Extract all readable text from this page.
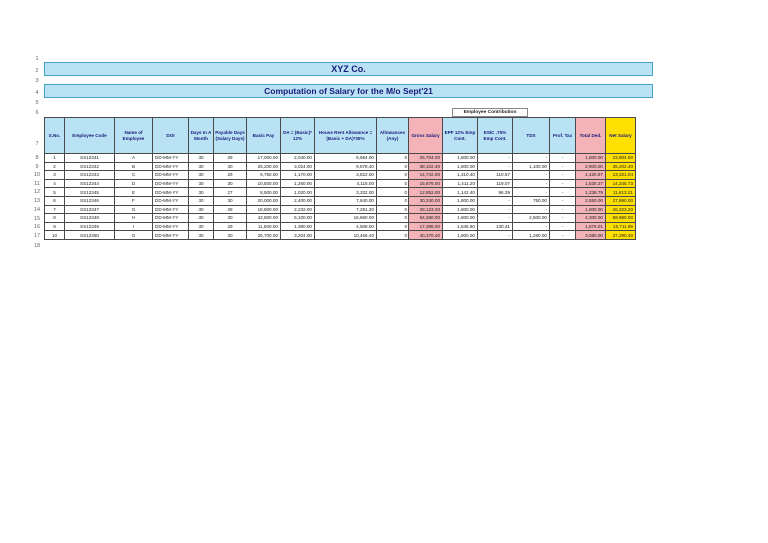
1
2
3
4
5
6
7
8
9
10
11
12
13
14
15
16
17
18
XYZ Co.
Computation of Salary for the M/o Sept'21
Employee Contribution
S.No.	Employee Code	Name of Employee	DOI	Days In A Month	Payable Days (Salary Days)	Basic Pay	DA = (Basic)* 12%	House Rent Allowance = (Basic + DA)*35%	Allowances (Any)	Gross Salary	EPF 12% Emp Cont.	ESIC .75% Emp Cont.	TDS	Prof. Tax	Total Ded.	Net Salary
1	SS12341	A	DD-MM-YY	30	28	17,000.00	2,040.00	6,664.00	0	25,704.00	1,800.00	-	-	-	1,800.00	23,904.00
2	SS12342	B	DD-MM-YY	30	30	25,200.00	3,024.00	9,878.40	0	38,102.40	1,800.00	-	1,100.00	-	2,900.00	35,202.40
3	SS12343	C	DD-MM-YY	30	29	9,750.00	1,170.00	3,822.00	0	14,742.00	1,310.40	110.57	-	-	1,420.97	13,321.04
4	SS12344	D	DD-MM-YY	30	30	10,500.00	1,260.00	4,116.00	0	15,876.00	1,411.20	119.07	-	-	1,530.27	14,345.73
5	SS12345	E	DD-MM-YY	30	27	8,500.00	1,020.00	3,332.00	0	12,852.00	1,142.40	96.39	-	-	1,238.79	11,613.21
6	SS12346	F	DD-MM-YY	30	30	20,000.00	2,400.00	7,840.00	0	30,240.00	1,800.00	-	750.00	-	2,550.00	27,690.00
7	SS12347	G	DD-MM-YY	30	28	18,600.00	2,232.00	7,291.20	0	28,123.20	1,800.00	-	-	-	1,800.00	26,323.20
8	SS12348	H	DD-MM-YY	30	30	42,500.00	5,100.00	16,660.00	0	64,260.00	1,800.00	-	2,500.00	-	4,300.00	59,960.00
9	SS12349	I	DD-MM-YY	30	29	11,500.00	1,380.00	4,508.00	0	17,388.00	1,545.60	130.41	-	-	1,676.01	15,711.99
10	SS12350	G	DD-MM-YY	30	30	26,700.00	3,204.00	10,466.40	0	40,370.40	1,800.00	-	1,280.00	-	3,080.00	37,290.40
